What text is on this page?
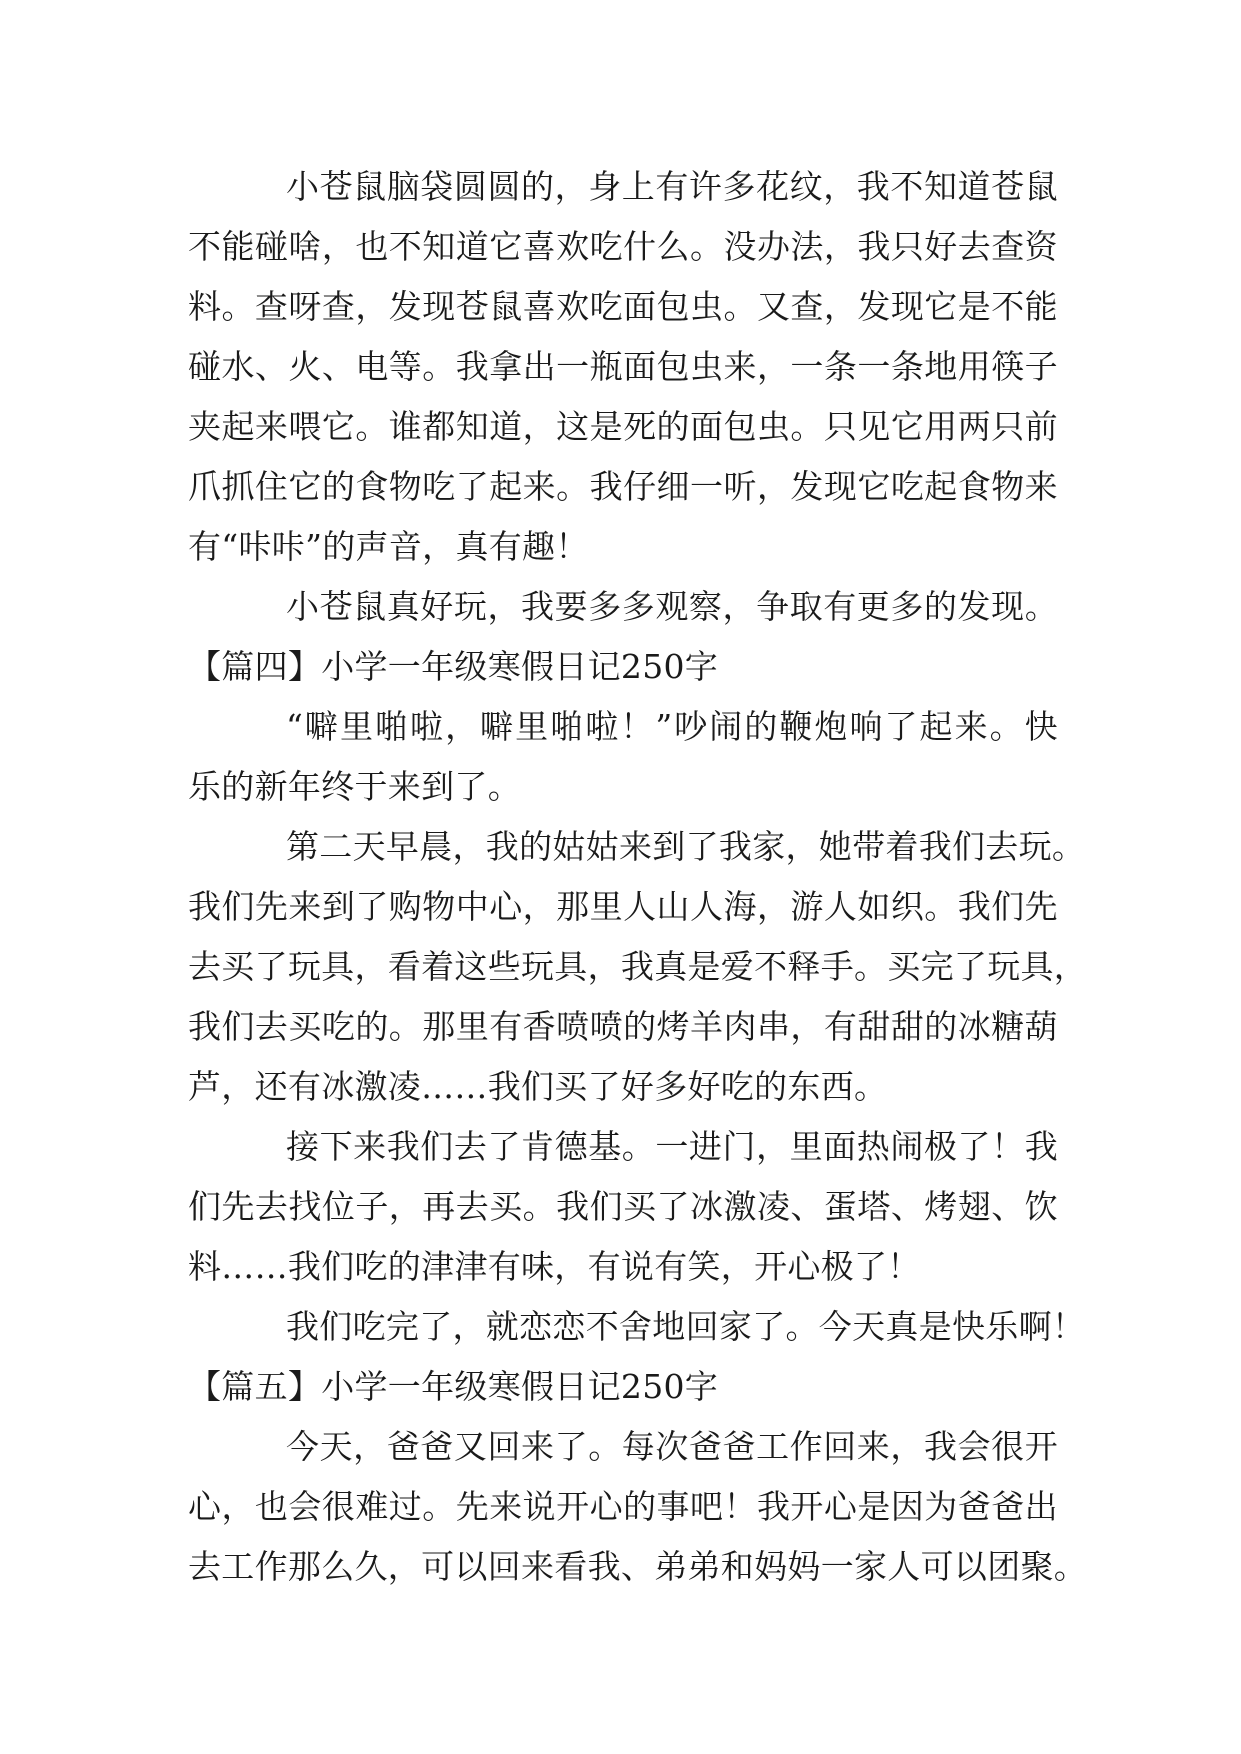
小苍鼠脑袋圆圆的，身上有许多花纹，我不知道苍鼠
不能碰啥，也不知道它喜欢吃什么。没办法，我只好去查资
料。查呀查，发现苍鼠喜欢吃面包虫。又查，发现它是不能
碰水、火、电等。我拿出一瓶面包虫来，一条一条地用筷子
夹起来喂它。谁都知道，这是死的面包虫。只见它用两只前
爪抓住它的食物吃了起来。我仔细一听，发现它吃起食物来
有“咔咔”的声音，真有趣！
小苍鼠真好玩，我要多多观察，争取有更多的发现。
【篇四】小学一年级寒假日记250字
“噼里啪啦，噼里啪啦！”吵闹的鞭炮响了起来。快
乐的新年终于来到了。
第二天早晨，我的姑姑来到了我家，她带着我们去玩。
我们先来到了购物中心，那里人山人海，游人如织。我们先
去买了玩具，看着这些玩具，我真是爱不释手。买完了玩具，
我们去买吃的。那里有香喷喷的烤羊肉串，有甜甜的冰糖葫
芦，还有冰激凌……我们买了好多好吃的东西。
接下来我们去了肯德基。一进门，里面热闹极了！我
们先去找位子，再去买。我们买了冰激凌、蛋塔、烤翅、饮
料……我们吃的津津有味，有说有笑，开心极了！
我们吃完了，就恋恋不舍地回家了。今天真是快乐啊！
【篇五】小学一年级寒假日记250字
今天，爸爸又回来了。每次爸爸工作回来，我会很开
心，也会很难过。先来说开心的事吧！我开心是因为爸爸出
去工作那么久，可以回来看我、弟弟和妈妈一家人可以团聚。
